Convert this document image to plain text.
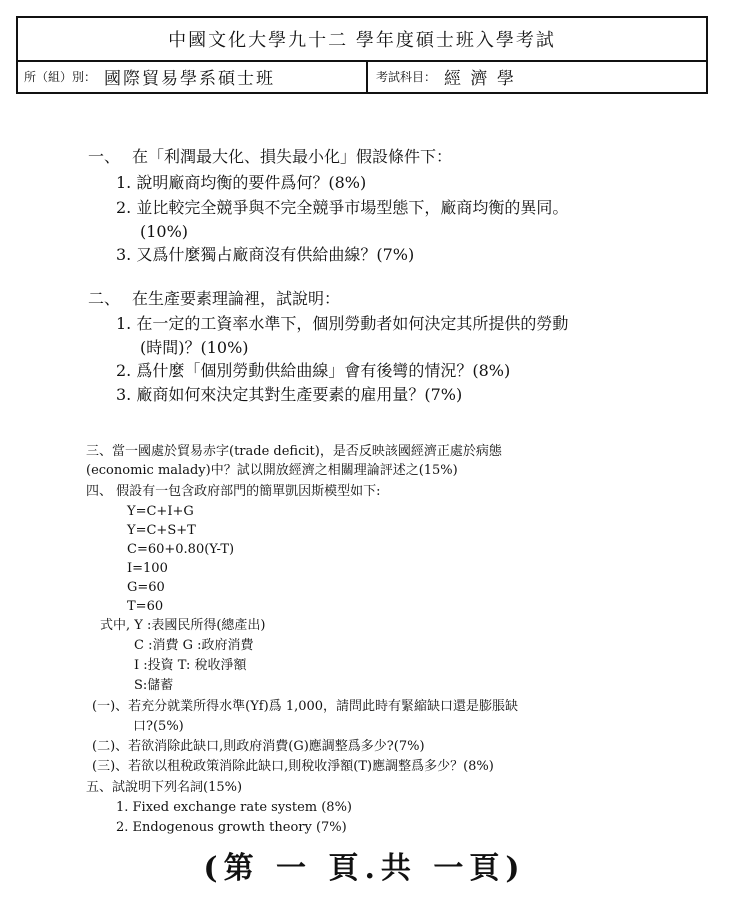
中國文化大學九十二 學年度碩士班入學考試
所（組）別： 國際貿易學系碩士班	考試科目： 經 濟 學
一、 在「利潤最大化、損失最小化」假設條件下：
1. 說明廠商均衡的要件爲何？(8%)
2. 並比較完全競爭與不完全競爭市場型態下，廠商均衡的異同。
(10%)
3. 又爲什麼獨占廠商沒有供給曲線？(7%)
二、 在生產要素理論裡，試說明：
1. 在一定的工資率水準下，個別勞動者如何決定其所提供的勞動
(時間)？(10%)
2. 爲什麼「個別勞動供給曲線」會有後彎的情況？(8%)
3. 廠商如何來決定其對生產要素的雇用量？(7%)
三、當一國處於貿易赤字(trade deficit)，是否反映該國經濟正處於病態
(economic malady)中？試以開放經濟之相關理論評述之(15%)
四、 假設有一包含政府部門的簡單凱因斯模型如下:
Y=C+I+G
Y=C+S+T
C=60+0.80(Y-T)
I=100
G=60
T=60
式中, Y :表國民所得(總產出)
C :消費 G :政府消費
I :投資 T: 稅收淨額
S:儲蓄
(一)、若充分就業所得水準(Yf)爲 1,000，請問此時有緊縮缺口還是膨脹缺
口?(5%)
(二)、若欲消除此缺口,則政府消費(G)應調整爲多少?(7%)
(三)、若欲以租稅政策消除此缺口,則稅收淨額(T)應調整爲多少？(8%)
五、試說明下列名詞(15%)
1. Fixed exchange rate system (8%)
2. Endogenous growth theory (7%)
(第 一 頁.共 一頁)
